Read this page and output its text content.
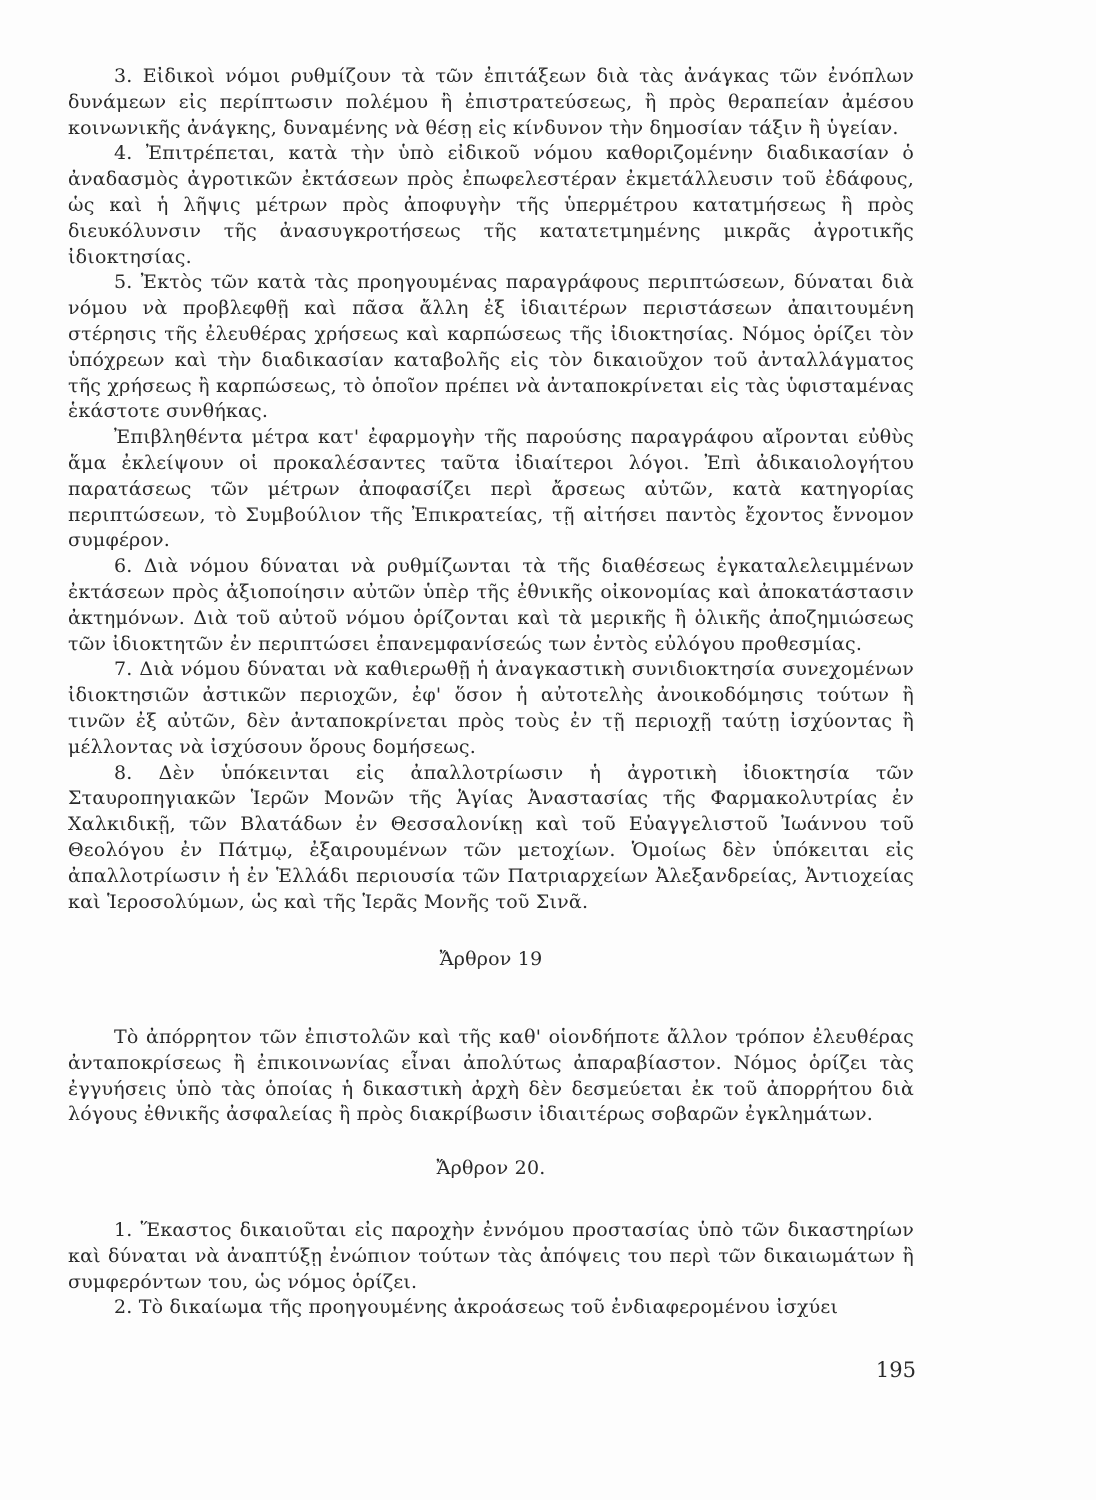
3. Εἰδικοὶ νόμοι ρυθμίζουν τὰ τῶν ἐπιτάξεων διὰ τὰς ἀνάγκας τῶν ἐνόπλων δυνάμεων εἰς περίπτωσιν πολέμου ἢ ἐπιστρατεύσεως, ἢ πρὸς θεραπείαν ἀμέσου κοινωνικῆς ἀνάγκης, δυναμένης νὰ θέσῃ εἰς κίνδυνον τὴν δημοσίαν τάξιν ἢ ὑγείαν.

4. Ἐπιτρέπεται, κατὰ τὴν ὑπὸ εἰδικοῦ νόμου καθοριζομένην διαδικασίαν ὁ ἀναδασμὸς ἀγροτικῶν ἐκτάσεων πρὸς ἐπωφελεστέραν ἐκμετάλλευσιν τοῦ ἐδάφους, ὡς καὶ ἡ λῆψις μέτρων πρὸς ἀποφυγὴν τῆς ὑπερμέτρου κατατμήσεως ἢ πρὸς διευκόλυνσιν τῆς ἀνασυγκροτήσεως τῆς κατατετμημένης μικρᾶς ἀγροτικῆς ἰδιοκτησίας.

5. Ἐκτὸς τῶν κατὰ τὰς προηγουμένας παραγράφους περιπτώσεων, δύναται διὰ νόμου νὰ προβλεφθῇ καὶ πᾶσα ἄλλη ἐξ ἰδιαιτέρων περιστάσεων ἀπαιτουμένη στέρησις τῆς ἐλευθέρας χρήσεως καὶ καρπώσεως τῆς ἰδιοκτησίας. Νόμος ὁρίζει τὸν ὑπόχρεων καὶ τὴν διαδικασίαν καταβολῆς εἰς τὸν δικαιοῦχον τοῦ ἀνταλλάγματος τῆς χρήσεως ἢ καρπώσεως, τὸ ὁποῖον πρέπει νὰ ἀνταποκρίνεται εἰς τὰς ὑφισταμένας ἑκάστοτε συνθήκας.

Ἐπιβληθέντα μέτρα κατ' ἐφαρμογὴν τῆς παρούσης παραγράφου αἴρονται εὐθὺς ἅμα ἐκλείψουν οἱ προκαλέσαντες ταῦτα ἰδιαίτεροι λόγοι. Ἐπὶ ἀδικαιολογήτου παρατάσεως τῶν μέτρων ἀποφασίζει περὶ ἄρσεως αὐτῶν, κατὰ κατηγορίας περιπτώσεων, τὸ Συμβούλιον τῆς Ἐπικρατείας, τῇ αἰτήσει παντὸς ἔχοντος ἔννομον συμφέρον.

6. Διὰ νόμου δύναται νὰ ρυθμίζωνται τὰ τῆς διαθέσεως ἐγκαταλελειμμένων ἐκτάσεων πρὸς ἀξιοποίησιν αὐτῶν ὑπὲρ τῆς ἐθνικῆς οἰκονομίας καὶ ἀποκατάστασιν ἀκτημόνων. Διὰ τοῦ αὐτοῦ νόμου ὁρίζονται καὶ τὰ μερικῆς ἢ ὁλικῆς ἀποζημιώσεως τῶν ἰδιοκτητῶν ἐν περιπτώσει ἐπανεμφανίσεώς των ἐντὸς εὐλόγου προθεσμίας.

7. Διὰ νόμου δύναται νὰ καθιερωθῇ ἡ ἀναγκαστικὴ συνιδιοκτησία συνεχομένων ἰδιοκτησιῶν ἀστικῶν περιοχῶν, ἐφ' ὅσον ἡ αὐτοτελὴς ἀνοικοδόμησις τούτων ἢ τινῶν ἐξ αὐτῶν, δὲν ἀνταποκρίνεται πρὸς τοὺς ἐν τῇ περιοχῇ ταύτῃ ἰσχύοντας ἢ μέλλοντας νὰ ἰσχύσουν ὅρους δομήσεως.

8. Δὲν ὑπόκεινται εἰς ἀπαλλοτρίωσιν ἡ ἀγροτικὴ ἰδιοκτησία τῶν Σταυροπηγιακῶν Ἱερῶν Μονῶν τῆς Ἁγίας Ἀναστασίας τῆς Φαρμακολυτρίας ἐν Χαλκιδικῇ, τῶν Βλατάδων ἐν Θεσσαλονίκῃ καὶ τοῦ Εὐαγγελιστοῦ Ἰωάννου τοῦ Θεολόγου ἐν Πάτμῳ, ἐξαιρουμένων τῶν μετοχίων. Ὁμοίως δὲν ὑπόκειται εἰς ἀπαλλοτρίωσιν ἡ ἐν Ἑλλάδι περιουσία τῶν Πατριαρχείων Ἀλεξανδρείας, Ἀντιοχείας καὶ Ἱεροσολύμων, ὡς καὶ τῆς Ἱερᾶς Μονῆς τοῦ Σινᾶ.

Ἄρθρον 19

Τὸ ἀπόρρητον τῶν ἐπιστολῶν καὶ τῆς καθ' οἱονδήποτε ἄλλον τρόπον ἐλευθέρας ἀνταποκρίσεως ἢ ἐπικοινωνίας εἶναι ἀπολύτως ἀπαραβίαστον. Νόμος ὁρίζει τὰς ἐγγυήσεις ὑπὸ τὰς ὁποίας ἡ δικαστικὴ ἀρχὴ δὲν δεσμεύεται ἐκ τοῦ ἀπορρήτου διὰ λόγους ἐθνικῆς ἀσφαλείας ἢ πρὸς διακρίβωσιν ἰδιαιτέρως σοβαρῶν ἐγκλημάτων.

Ἄρθρον 20.

1. Ἕκαστος δικαιοῦται εἰς παροχὴν ἐννόμου προστασίας ὑπὸ τῶν δικαστηρίων καὶ δύναται νὰ ἀναπτύξῃ ἐνώπιον τούτων τὰς ἀπόψεις του περὶ τῶν δικαιωμάτων ἢ συμφερόντων του, ὡς νόμος ὁρίζει.

2. Τὸ δικαίωμα τῆς προηγουμένης ἀκροάσεως τοῦ ἐνδιαφερομένου ἰσχύει

195
